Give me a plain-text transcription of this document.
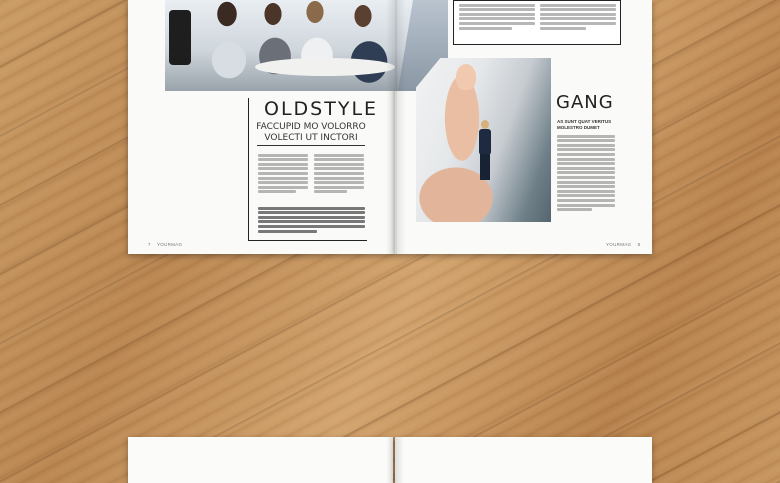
OLDSTYLE
FACCUPID MO VOLORRO
VOLECTI UT INCTORI
GANG
AS SUNT QUAT VERITUS
MOLESTRO DUMET
7 YOURMAG	YOURMAG 8
